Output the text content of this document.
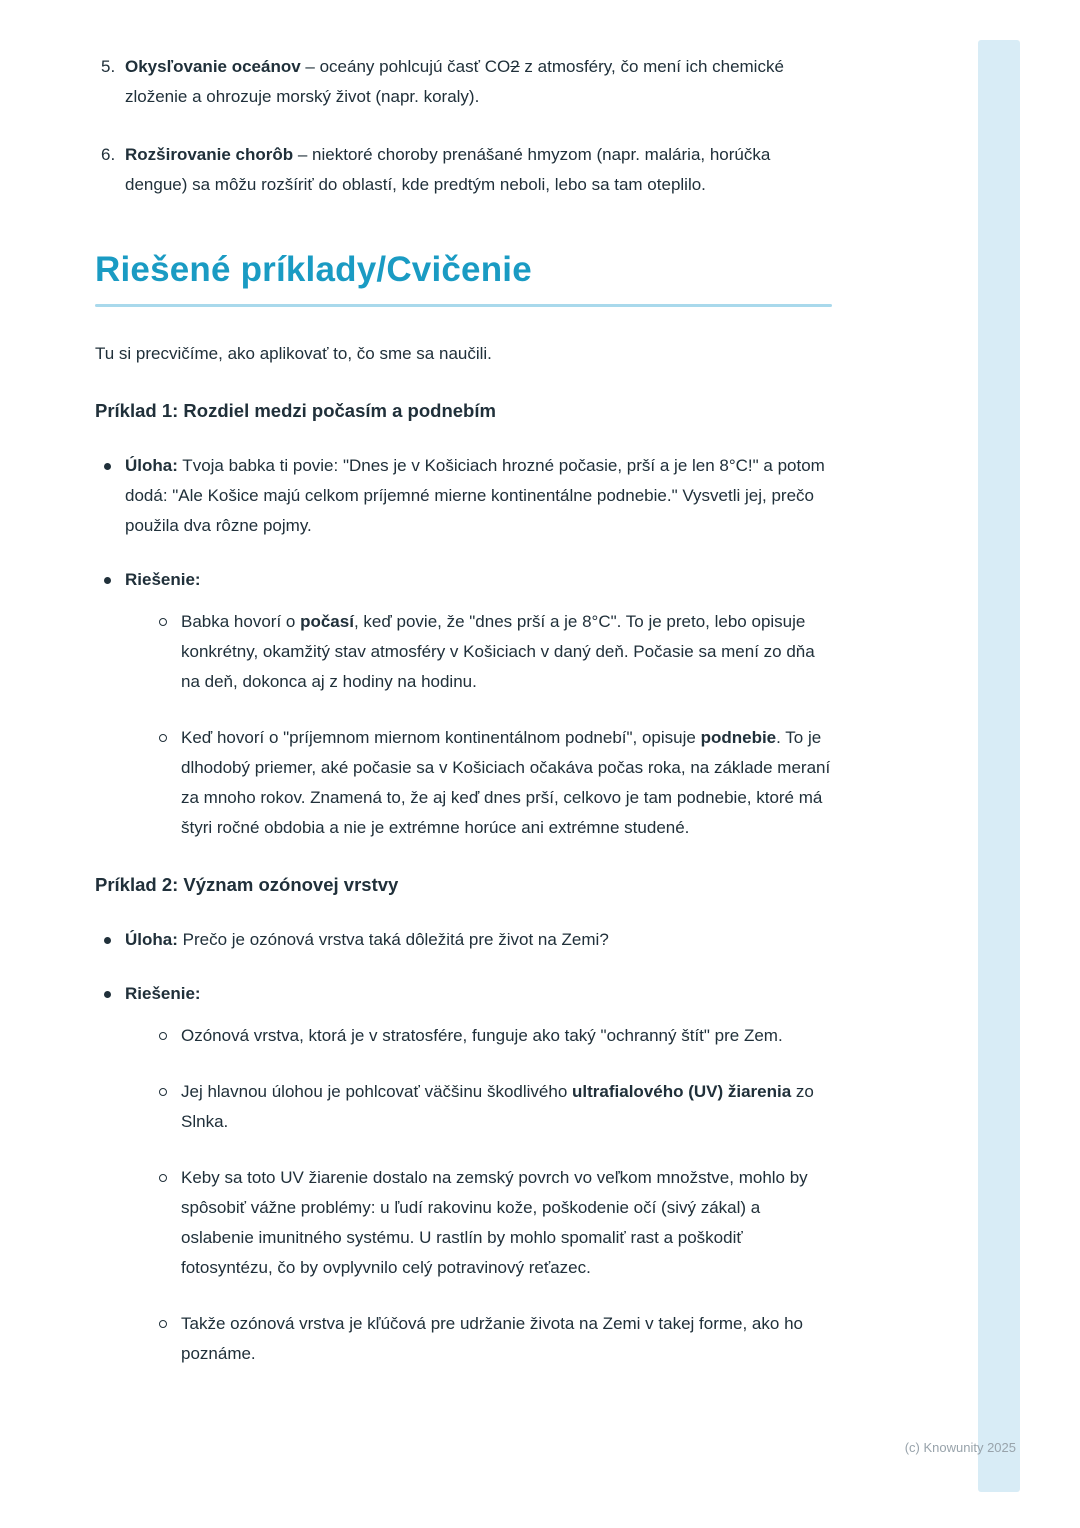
5. Okysľovanie oceánov – oceány pohlcujú časť CO2 z atmosféry, čo mení ich chemické zloženie a ohrozuje morský život (napr. koraly).
6. Rozširovanie chorôb – niektoré choroby prenášané hmyzom (napr. malária, horúčka dengue) sa môžu rozšíriť do oblastí, kde predtým neboli, lebo sa tam oteplilo.
Riešené príklady/Cvičenie

Tu si precvičíme, ako aplikovať to, čo sme sa naučili.

Príklad 1: Rozdiel medzi počasím a podnebím
Úloha: Tvoja babka ti povie: "Dnes je v Košiciach hrozné počasie, prší a je len 8°C!" a potom dodá: "Ale Košice majú celkom príjemné mierne kontinentálne podnebie." Vysvetli jej, prečo použila dva rôzne pojmy.
Riešenie:
Babka hovorí o počasí, keď povie, že "dnes prší a je 8°C". To je preto, lebo opisuje konkrétny, okamžitý stav atmosféry v Košiciach v daný deň. Počasie sa mení zo dňa na deň, dokonca aj z hodiny na hodinu.
Keď hovorí o "príjemnom miernom kontinentálnom podnebí", opisuje podnebie. To je dlhodobý priemer, aké počasie sa v Košiciach očakáva počas roka, na základe meraní za mnoho rokov. Znamená to, že aj keď dnes prší, celkovo je tam podnebie, ktoré má štyri ročné obdobia a nie je extrémne horúce ani extrémne studené.
Príklad 2: Význam ozónovej vrstvy
Úloha: Prečo je ozónová vrstva taká dôležitá pre život na Zemi?
Riešenie:
Ozónová vrstva, ktorá je v stratosfére, funguje ako taký "ochranný štít" pre Zem.
Jej hlavnou úlohou je pohlcovať väčšinu škodlivého ultrafialového (UV) žiarenia zo Slnka.
Keby sa toto UV žiarenie dostalo na zemský povrch vo veľkom množstve, mohlo by spôsobiť vážne problémy: u ľudí rakovinu kože, poškodenie očí (sivý zákal) a oslabenie imunitného systému. U rastlín by mohlo spomaliť rast a poškodiť fotosyntézu, čo by ovplyvnilo celý potravinový reťazec.
Takže ozónová vrstva je kľúčová pre udržanie života na Zemi v takej forme, ako ho poznáme.
(c) Knowunity 2025
